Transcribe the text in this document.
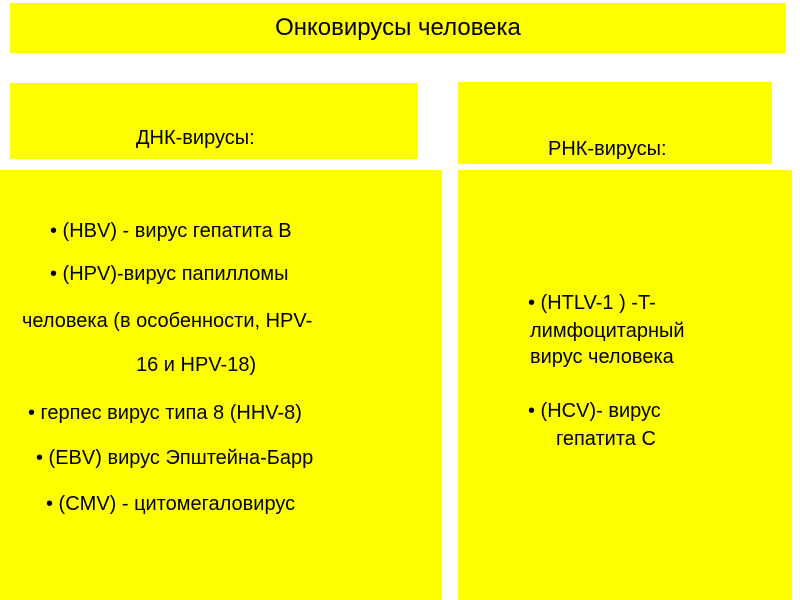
Онковирусы человека
ДНК-вирусы:	РНК-вирусы:
• (HBV) - вирус гепатита В
• (HPV)-вирус папилломы
человека (в особенности, HPV-
16 и HPV-18)
• герпес вирус типа 8 (HHV-8)
• (EBV) вирус Эпштейна-Барр
• (CMV) - цитомегаловирус
• (HTLV-1 ) -T-
лимфоцитарный
вирус человека
• (HCV)- вирус
гепатита С
